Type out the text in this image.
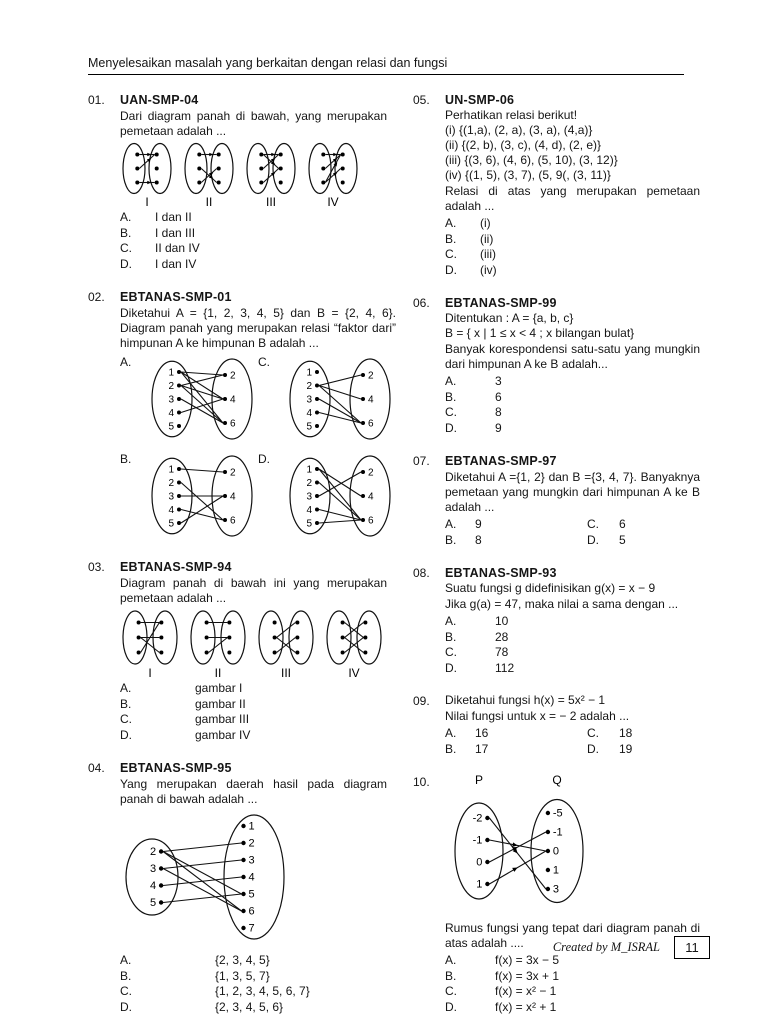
Menyelesaikan masalah yang berkaitan dengan relasi dan fungsi
01.	UAN-SMP-04
Dari diagram panah di bawah, yang merupakan pemetaan adalah ...
I	II	III	IV
A.	I dan II
B.	I dan III
C.	II dan IV
D.	I dan IV
02.	EBTANAS-SMP-01
Diketahui A = {1, 2, 3, 4, 5} dan B = {2, 4, 6}. Diagram panah yang merupakan relasi “faktor dari” himpunan A ke himpunan B adalah ...
A.
1
2
3
4
5
2
4
6
C.
1
2
3
4
5
2
4
6
B.
1
2
3
4
5
2
4
6
D.
1
2
3
4
5
2
4
6
03.	EBTANAS-SMP-94
Diagram panah di bawah ini yang merupakan pemetaan adalah ...
I	II	III	IV
A.	gambar I
B.	gambar II
C.	gambar III
D.	gambar IV
04.	EBTANAS-SMP-95
Yang merupakan daerah hasil pada diagram panah di bawah adalah ...
2
3
4
5
1
2
3
4
5
6
7
A.	{2, 3, 4, 5}
B.	{1, 3, 5, 7}
C.	{1, 2, 3, 4, 5, 6, 7}
D.	{2, 3, 4, 5, 6}
05.	UN-SMP-06
Perhatikan relasi berikut!
(i) {(1,a), (2, a), (3, a), (4,a)}
(ii) {(2, b), (3, c), (4, d), (2, e)}
(iii) {(3, 6), (4, 6), (5, 10), (3, 12)}
(iv) {(1, 5), (3, 7), (5, 9(, (3, 11)}
Relasi di atas yang merupakan pemetaan adalah ...
A.	(i)
B.	(ii)
C.	(iii)
D.	(iv)
06.	EBTANAS-SMP-99
Ditentukan : A = {a, b, c}
B = { x | 1 ≤ x < 4 ; x bilangan bulat}
Banyak korespondensi satu-satu yang mungkin dari himpunan A ke B adalah...
A.	3
B.	6
C.	8
D.	9
07.	EBTANAS-SMP-97
Diketahui A ={1, 2} dan B ={3, 4, 7}. Banyaknya pemetaan yang mungkin dari himpunan A ke B adalah ...
A.	9	C.	6
B.	8	D.	5
08.	EBTANAS-SMP-93
Suatu fungsi g didefinisikan g(x) = x − 9
Jika g(a) = 47, maka nilai a sama dengan ...
A.	10
B.	28
C.	78
D.	112
09.	Diketahui fungsi h(x) = 5x² − 1
Nilai fungsi untuk x = − 2 adalah ...
A.	16	C.	18
B.	17	D.	19
10.
-2
-1
0
1
-5
-1
0
1
3
P	Q
Rumus fungsi yang tepat dari diagram panah di atas adalah ....
A.	f(x) = 3x − 5
B.	f(x) = 3x + 1
C.	f(x) = x² − 1
D.	f(x) = x² + 1
Created by M_ISRAL 11
